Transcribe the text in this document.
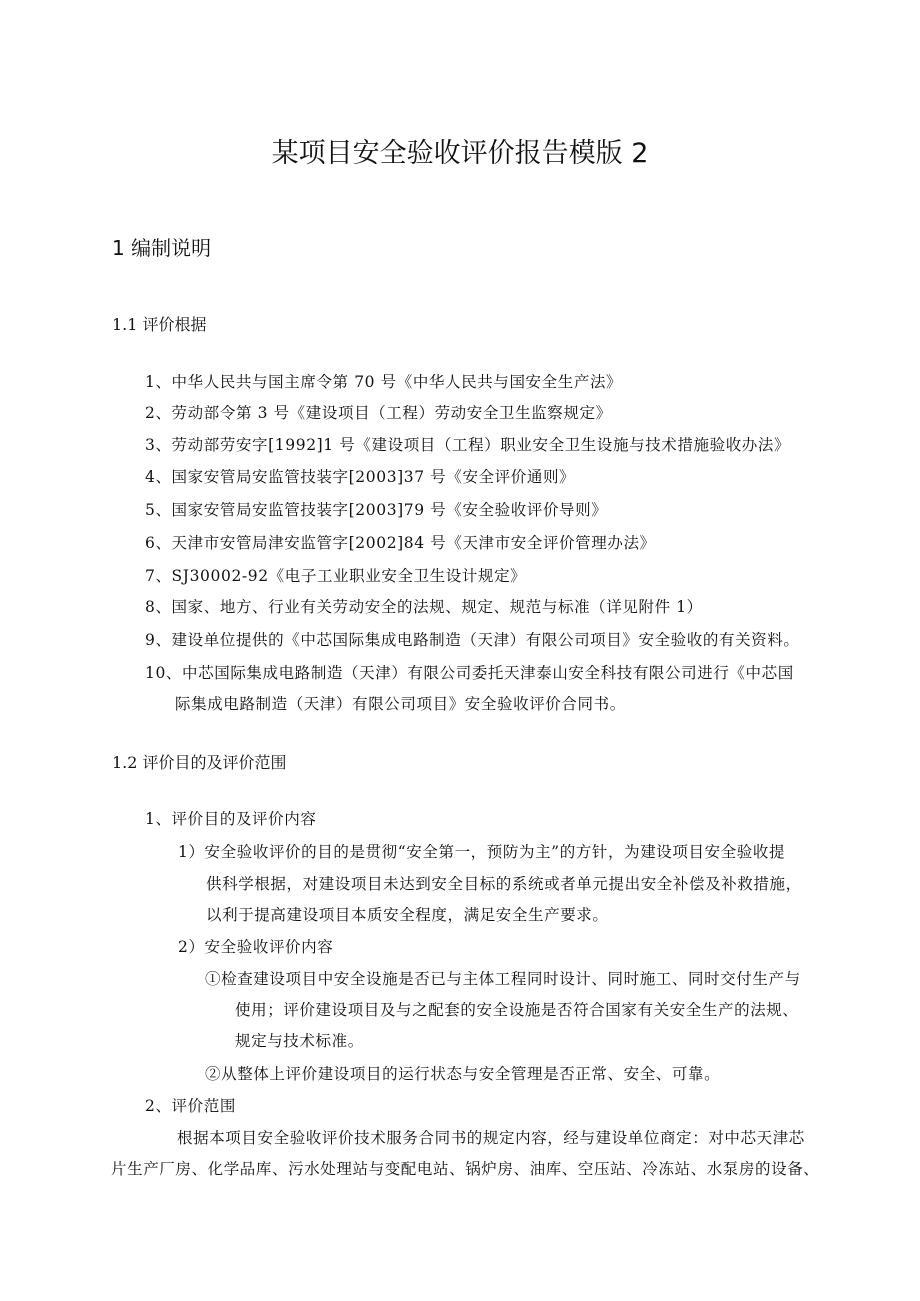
某项目安全验收评价报告模版 2
1 编制说明
1.1 评价根据
1、中华人民共与国主席令第 70 号《中华人民共与国安全生产法》
2、劳动部令第 3 号《建设项目（工程）劳动安全卫生监察规定》
3、劳动部劳安字[1992]1 号《建设项目（工程）职业安全卫生设施与技术措施验收办法》
4、国家安管局安监管技装字[2003]37 号《安全评价通则》
5、国家安管局安监管技装字[2003]79 号《安全验收评价导则》
6、天津市安管局津安监管字[2002]84 号《天津市安全评价管理办法》
7、SJ30002-92《电子工业职业安全卫生设计规定》
8、国家、地方、行业有关劳动安全的法规、规定、规范与标准（详见附件 1）
9、建设单位提供的《中芯国际集成电路制造（天津）有限公司项目》安全验收的有关资料。
10、中芯国际集成电路制造（天津）有限公司委托天津泰山安全科技有限公司进行《中芯国
际集成电路制造（天津）有限公司项目》安全验收评价合同书。
1.2 评价目的及评价范围
1、评价目的及评价内容
1）安全验收评价的目的是贯彻“安全第一，预防为主”的方针，为建设项目安全验收提
供科学根据，对建设项目未达到安全目标的系统或者单元提出安全补偿及补救措施，
以利于提高建设项目本质安全程度，满足安全生产要求。
2）安全验收评价内容
①检查建设项目中安全设施是否已与主体工程同时设计、同时施工、同时交付生产与
使用；评价建设项目及与之配套的安全设施是否符合国家有关安全生产的法规、
规定与技术标准。
②从整体上评价建设项目的运行状态与安全管理是否正常、安全、可靠。
2、评价范围
根据本项目安全验收评价技术服务合同书的规定内容，经与建设单位商定：对中芯天津芯
片生产厂房、化学品库、污水处理站与变配电站、锅炉房、油库、空压站、冷冻站、水泵房的设备、
